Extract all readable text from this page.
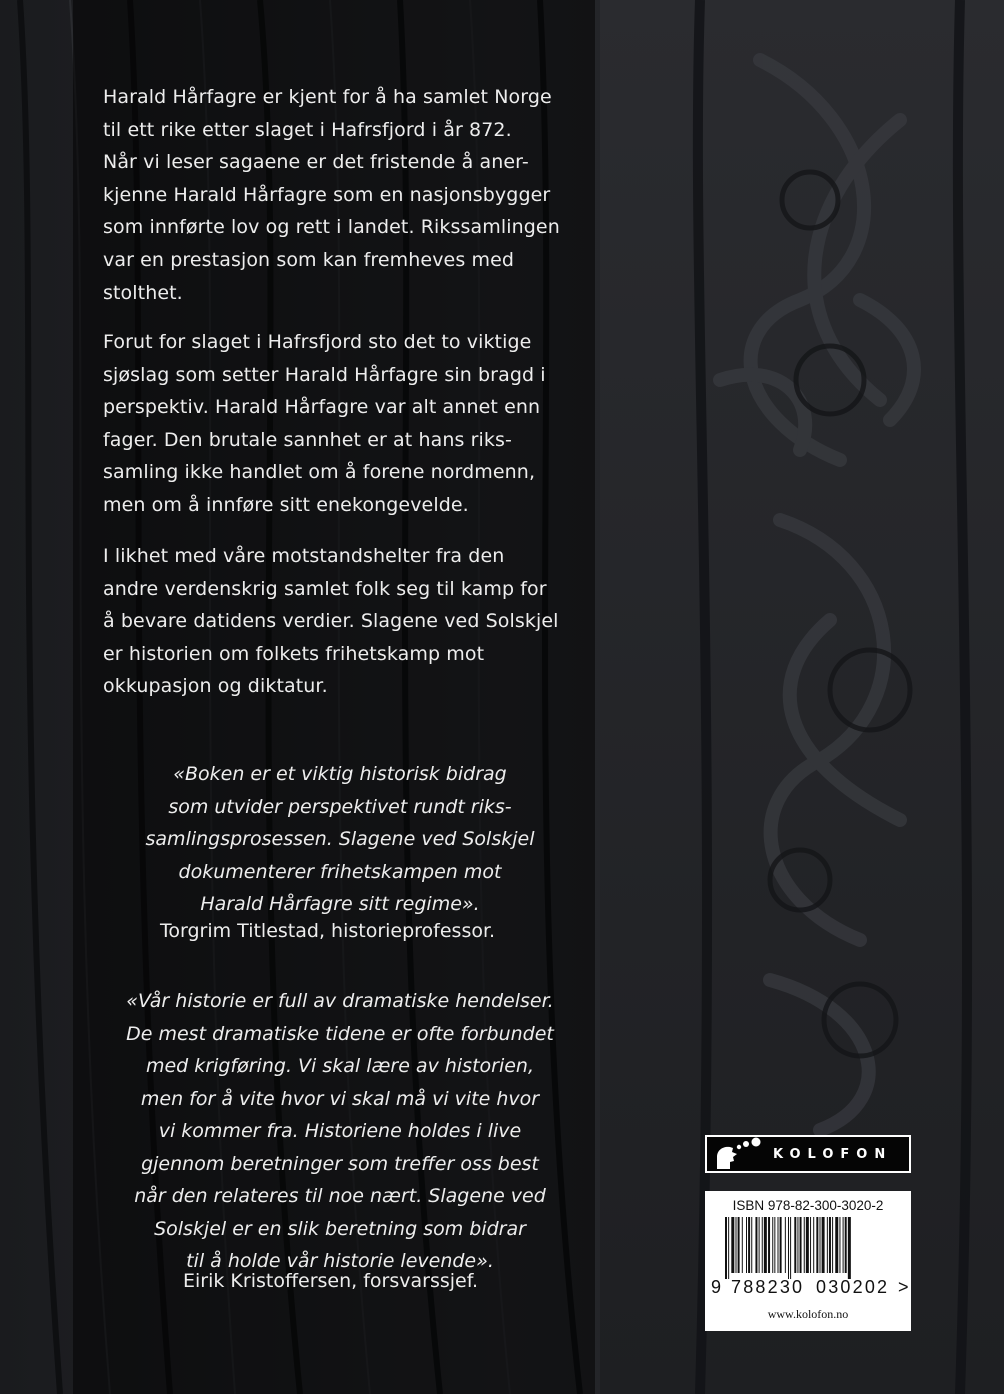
Harald Hårfagre er kjent for å ha samlet Norge
til ett rike etter slaget i Hafrsfjord i år 872.
Når vi leser sagaene er det fristende å aner-
kjenne Harald Hårfagre som en nasjonsbygger
som innførte lov og rett i landet. Rikssamlingen
var en prestasjon som kan fremheves med
stolthet.

Forut for slaget i Hafrsfjord sto det to viktige
sjøslag som setter Harald Hårfagre sin bragd i
perspektiv. Harald Hårfagre var alt annet enn
fager. Den brutale sannhet er at hans riks-
samling ikke handlet om å forene nordmenn,
men om å innføre sitt enekongevelde.

I likhet med våre motstandshelter fra den
andre verdenskrig samlet folk seg til kamp for
å bevare datidens verdier. Slagene ved Solskjel
er historien om folkets frihetskamp mot
okkupasjon og diktatur.

«Boken er et viktig historisk bidrag
som utvider perspektivet rundt riks-
samlingsprosessen. Slagene ved Solskjel
dokumenterer frihetskampen mot
Harald Hårfagre sitt regime».

Torgrim Titlestad, historieprofessor.

«Vår historie er full av dramatiske hendelser.
De mest dramatiske tidene er ofte forbundet
med krigføring. Vi skal lære av historien,
men for å vite hvor vi skal må vi vite hvor
vi kommer fra. Historiene holdes i live
gjennom beretninger som treffer oss best
når den relateres til noe nært. Slagene ved
Solskjel er en slik beretning som bidrar
til å holde vår historie levende».

Eirik Kristoffersen, forsvarssjef.

KOLOFON
ISBN 978-82-300-3020-2
9 788230 030202 >
www.kolofon.no
